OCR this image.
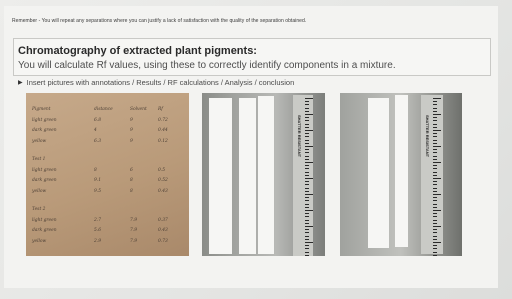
Remember - You will repeat any separations where you can justify a lack of satisfaction with the quality of the separation obtained.
Chromatography of extracted plant pigments:
You will calculate Rf values, using these to correctly identify components in a mixture.
▶ Insert pictures with annotations / Results / RF calculations / Analysis / conclusion
Pigment	distance	Solvent	Rf
light green	6.8	9	0.72
dark green	4	9	0.44
yellow	6.3	9	0.12
Test 1
light green	8	6	0.5
dark green	9.1	8	0.52
yellow	9.5	8	0.43
Test 2
light green	2.7	7.9	0.37
dark green	5.6	7.9	0.43
yellow	2.9	7.9	0.73
SHATTER RESISTANT	SHATTER RESISTANT
